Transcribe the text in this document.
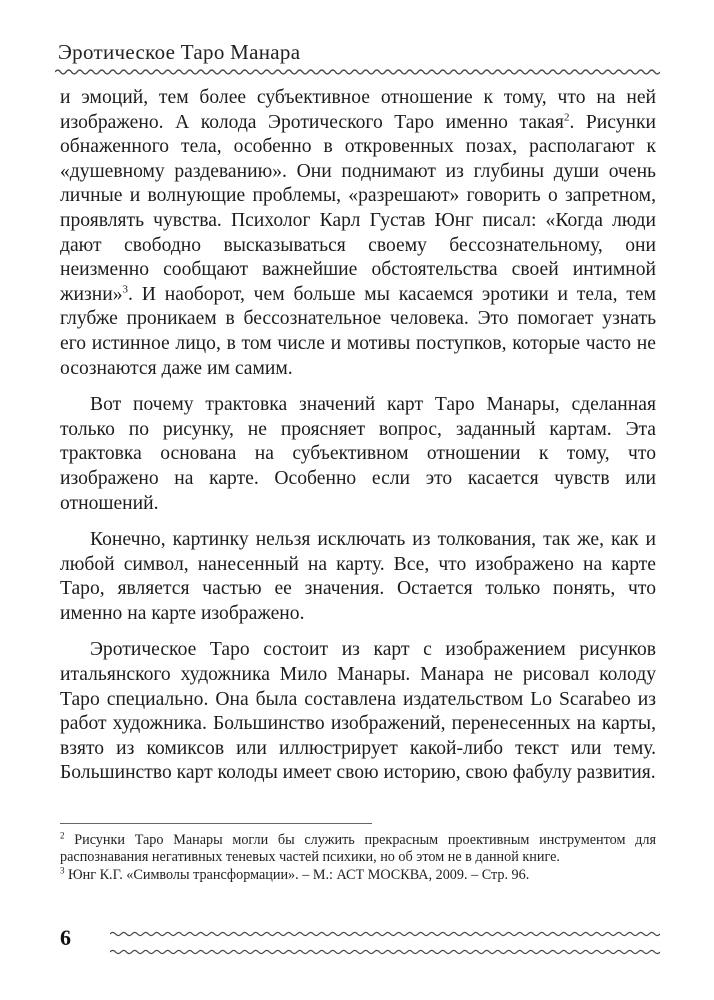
Эротическое Таро Манара

и эмоций, тем более субъективное отношение к тому, что на ней изображено. А колода Эротического Таро именно такая$^2$. Рисунки обнаженного тела, особенно в откровенных позах, располагают к «душевному раздеванию». Они поднимают из глубины души очень личные и волнующие проблемы, «разрешают» говорить о запретном, проявлять чувства. Психолог Карл Густав Юнг писал: «Когда люди дают свободно высказываться своему бессознательному, они неизменно сообщают важнейшие обстоятельства своей интимной жизни»$^3$. И наоборот, чем больше мы касаемся эротики и тела, тем глубже проникаем в бессознательное человека. Это помогает узнать его истинное лицо, в том числе и мотивы поступков, которые часто не осознаются даже им самим.

Вот почему трактовка значений карт Таро Манары, сделанная только по рисунку, не проясняет вопрос, заданный картам. Эта трактовка основана на субъективном отношении к тому, что изображено на карте. Особенно если это касается чувств или отношений.

Конечно, картинку нельзя исключать из толкования, так же, как и любой символ, нанесенный на карту. Все, что изображено на карте Таро, является частью ее значения. Остается только понять, что именно на карте изображено.

Эротическое Таро состоит из карт с изображением рисунков итальянского художника Мило Манары. Манара не рисовал колоду Таро специально. Она была составлена издательством Lo Scarabeo из работ художника. Большинство изображений, перенесенных на карты, взято из комиксов или иллюстрирует какой-либо текст или тему. Большинство карт колоды имеет свою историю, свою фабулу развития.

$^2$ Рисунки Таро Манары могли бы служить прекрасным проективным инструментом для распознавания негативных теневых частей психики, но об этом не в данной книге.

$^3$ Юнг К.Г. «Символы трансформации». – М.: АСТ МОСКВА, 2009. – Стр. 96.

6
